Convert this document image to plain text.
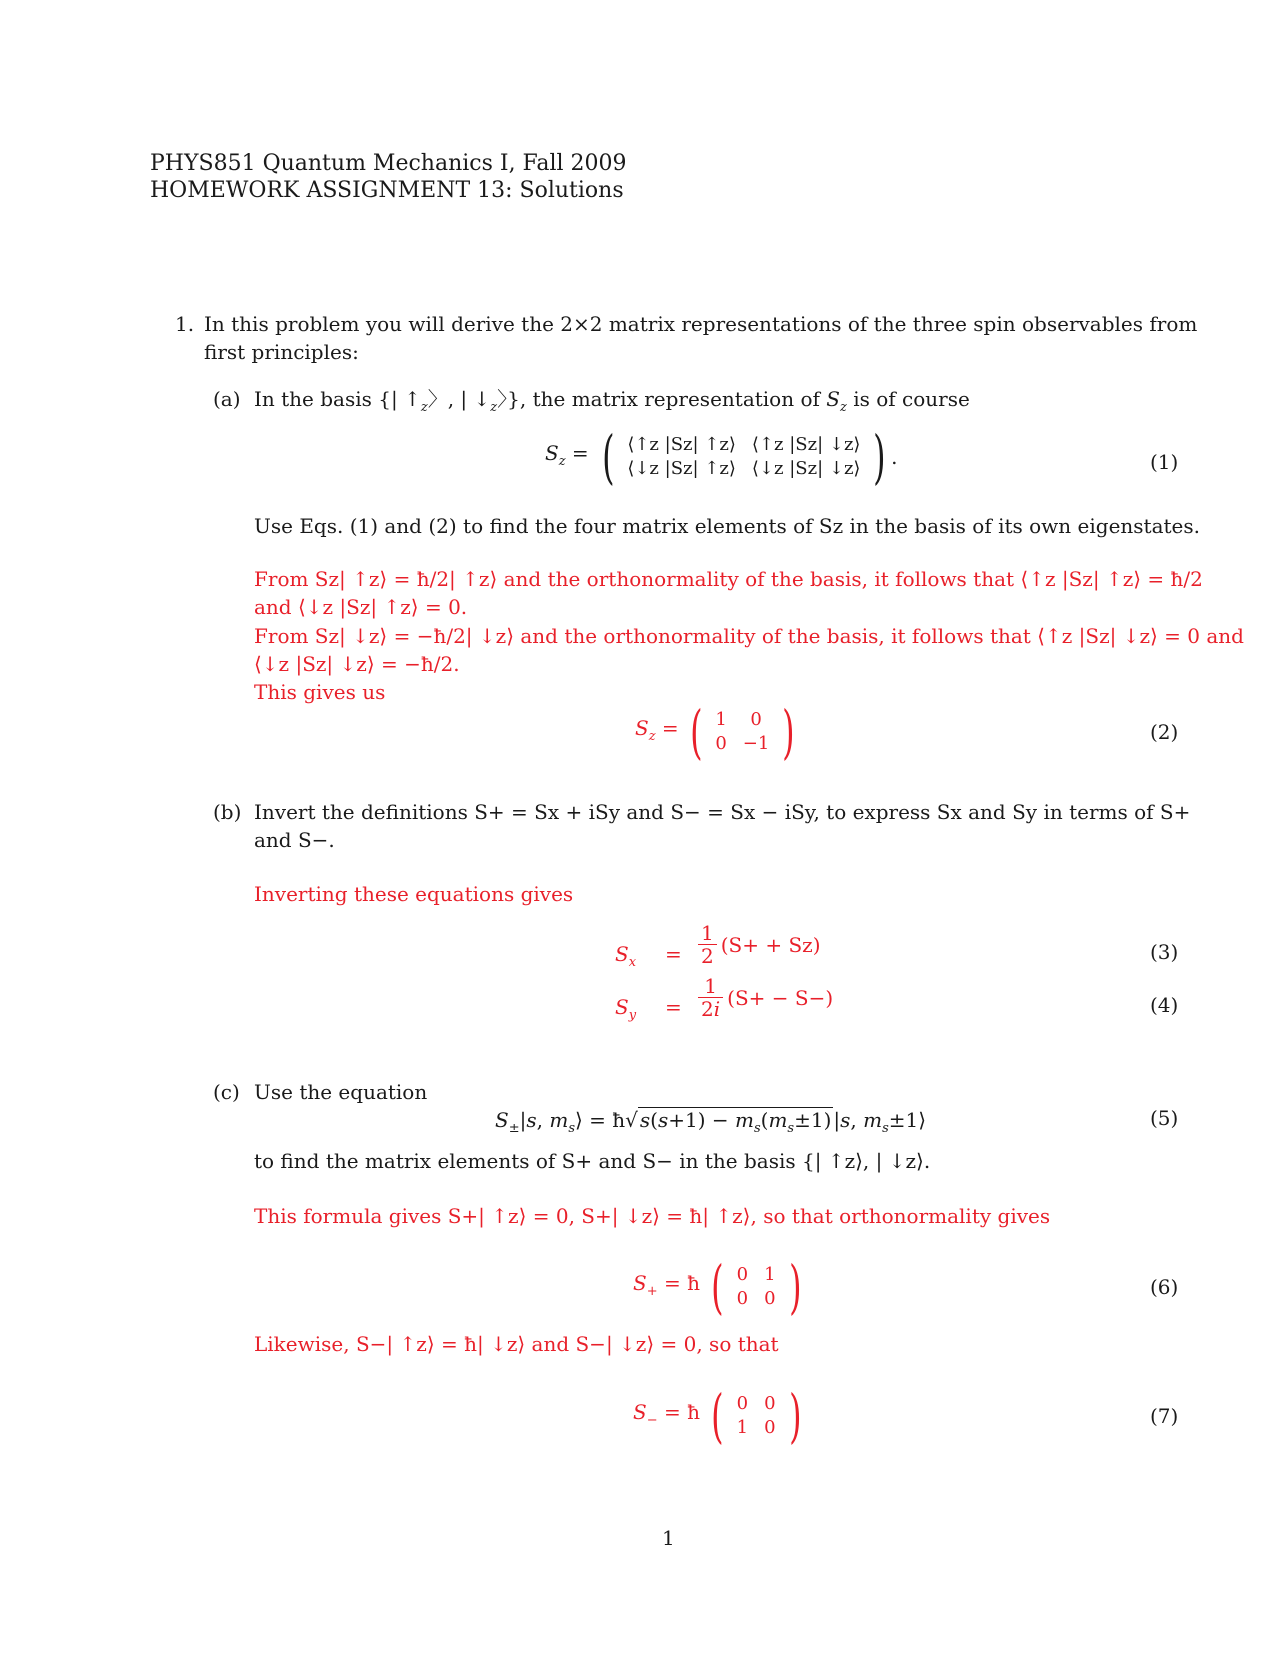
PHYS851 Quantum Mechanics I, Fall 2009
HOMEWORK ASSIGNMENT 13: Solutions
1. In this problem you will derive the 2×2 matrix representations of the three spin observables from
first principles:
(a) In the basis {| $↑_z$〉, | $↓_z$〉}, the matrix representation of $S_z$ is of course
$S_z$ = ( ⟨↑z |Sz| ↑z⟩	⟨↑z |Sz| ↓z⟩
⟨↓z |Sz| ↑z⟩	⟨↓z |Sz| ↓z⟩ ) .	(1)
Use Eqs. (1) and (2) to find the four matrix elements of Sz in the basis of its own eigenstates.
From Sz| ↑z⟩ = ħ/2| ↑z⟩ and the orthonormality of the basis, it follows that ⟨↑z |Sz| ↑z⟩ = ħ/2
and ⟨↓z |Sz| ↑z⟩ = 0.
From Sz| ↓z⟩ = −ħ/2| ↓z⟩ and the orthonormality of the basis, it follows that ⟨↑z |Sz| ↓z⟩ = 0 and
⟨↓z |Sz| ↓z⟩ = −ħ/2.
This gives us
$S_z$ = ( 1	0
0	−1 )	(2)
(b) Invert the definitions S+ = Sx + iSy and S− = Sx − iSy, to express Sx and Sy in terms of S+
and S−.
Inverting these equations gives
$S_x$ =
1
2 (S+ + Sz)	(3)
$S_y$ =
1
2i (S+ − S−)	(4)
(c) Use the equation
$S_\pm|s$, $m_s⟩$ = ħ√ $s(s+1) - m_s(m_s\pm 1)$ |s, $m_s\pm 1⟩$	(5)
to find the matrix elements of S+ and S− in the basis {| ↑z⟩, | ↓z⟩.
This formula gives S+| ↑z⟩ = 0, S+| ↓z⟩ = ħ| ↑z⟩, so that orthonormality gives
$S_+$ = ħ ( 0	1
0	0 )	(6)
Likewise, S−| ↑z⟩ = ħ| ↓z⟩ and S−| ↓z⟩ = 0, so that
$S_-$ = ħ ( 0	0
1	0 )	(7)
1
